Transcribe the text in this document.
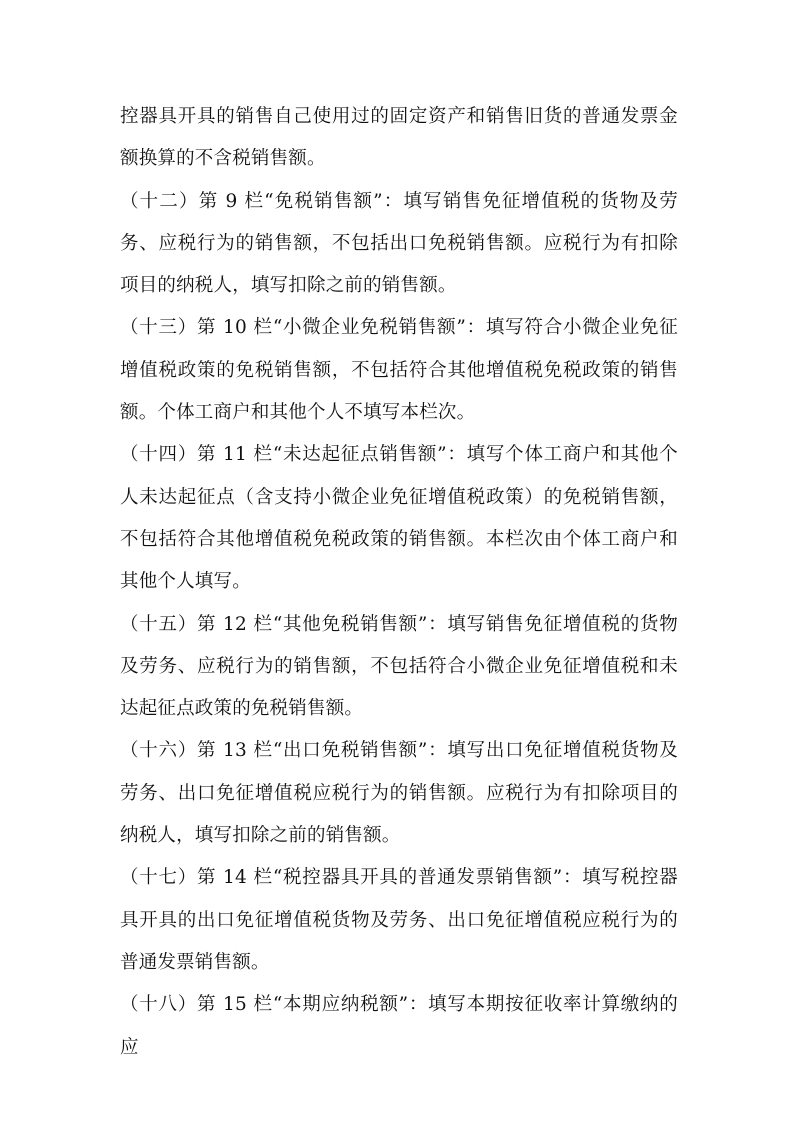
控器具开具的销售自己使用过的固定资产和销售旧货的普通发票金额换算的不含税销售额。

（十二）第 9 栏“免税销售额”：填写销售免征增值税的货物及劳务、应税行为的销售额，不包括出口免税销售额。应税行为有扣除项目的纳税人，填写扣除之前的销售额。

（十三）第 10 栏“小微企业免税销售额”：填写符合小微企业免征增值税政策的免税销售额，不包括符合其他增值税免税政策的销售额。个体工商户和其他个人不填写本栏次。

（十四）第 11 栏“未达起征点销售额”：填写个体工商户和其他个人未达起征点（含支持小微企业免征增值税政策）的免税销售额，不包括符合其他增值税免税政策的销售额。本栏次由个体工商户和其他个人填写。

（十五）第 12 栏“其他免税销售额”：填写销售免征增值税的货物及劳务、应税行为的销售额，不包括符合小微企业免征增值税和未达起征点政策的免税销售额。

（十六）第 13 栏“出口免税销售额”：填写出口免征增值税货物及劳务、出口免征增值税应税行为的销售额。应税行为有扣除项目的纳税人，填写扣除之前的销售额。

（十七）第 14 栏“税控器具开具的普通发票销售额”：填写税控器具开具的出口免征增值税货物及劳务、出口免征增值税应税行为的普通发票销售额。

（十八）第 15 栏“本期应纳税额”：填写本期按征收率计算缴纳的应
